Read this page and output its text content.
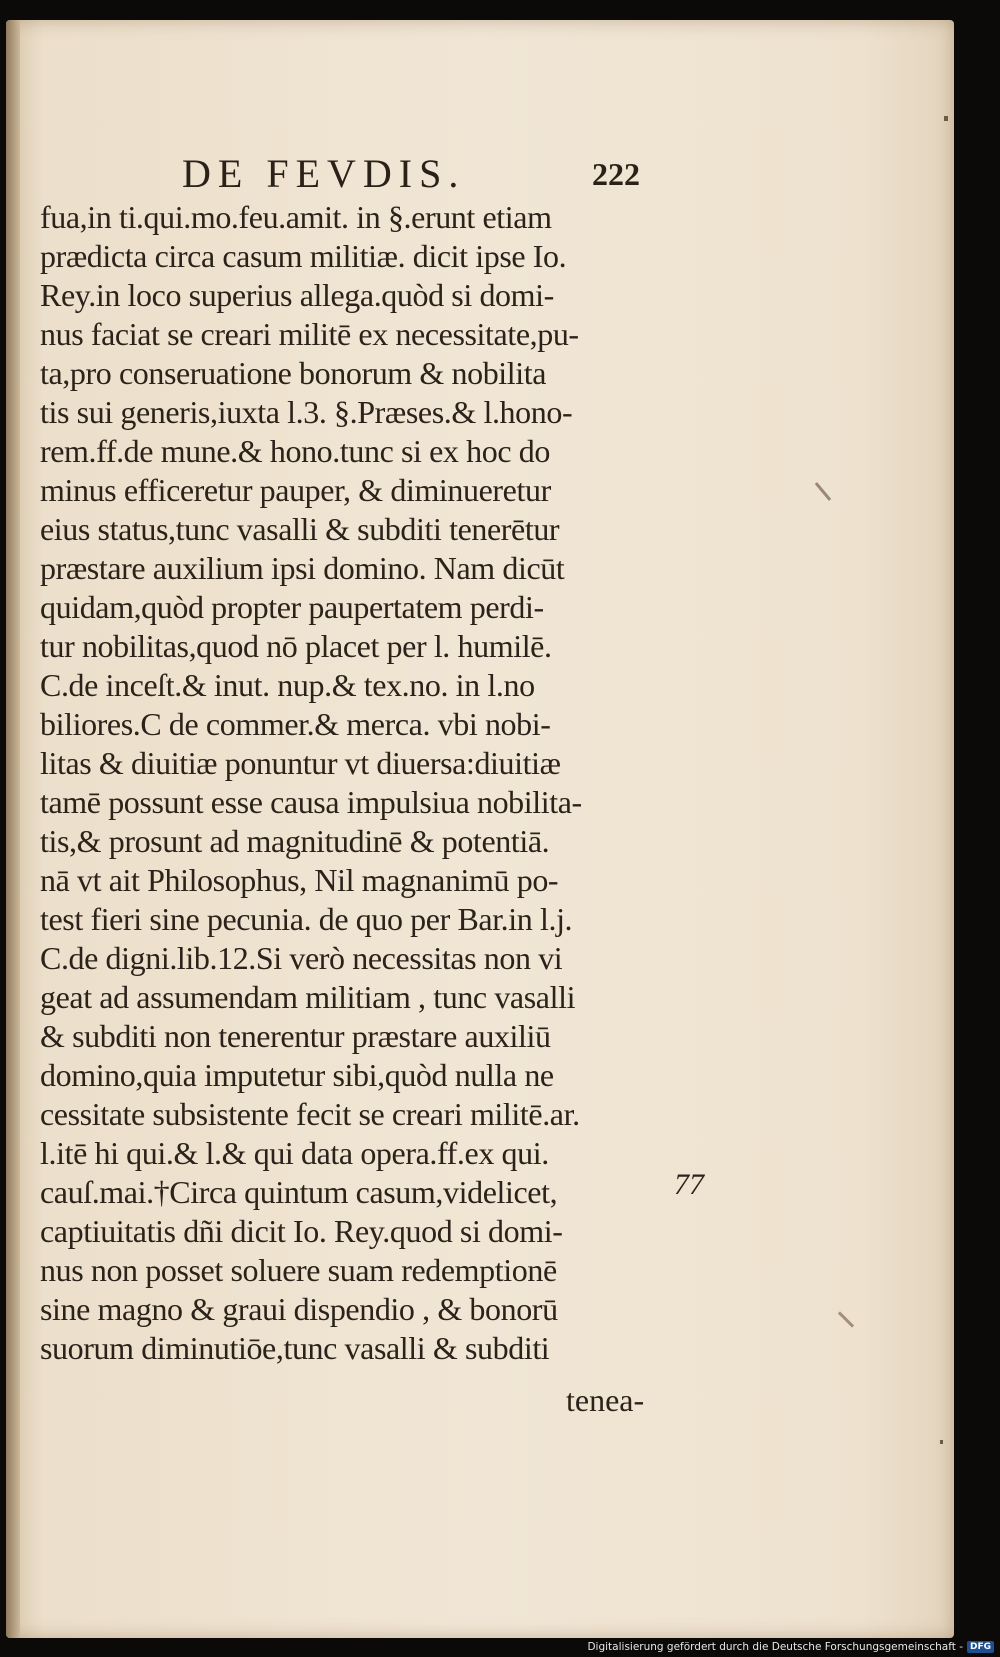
DE FEVDIS.	222
fua,in ti.qui.mo.feu.amit. in §.erunt etiam
prædicta circa casum militiæ. dicit ipse Io.
Rey.in loco superius allega.quòd si domi-
nus faciat se creari militē ex necessitate,pu-
ta,pro conseruatione bonorum & nobilita
tis sui generis,iuxta l.3. §.Præses.& l.hono-
rem.ff.de mune.& hono.tunc si ex hoc do
minus efficeretur pauper, & diminueretur
eius status,tunc vasalli & subditi tenerētur
præstare auxilium ipsi domino. Nam dicūt
quidam,quòd propter paupertatem perdi-
tur nobilitas,quod nō placet per l. humilē.
C.de inceſt.& inut. nup.& tex.no. in l.no
biliores.C de commer.& merca. vbi nobi-
litas & diuitiæ ponuntur vt diuersa:diuitiæ
tamē possunt esse causa impulsiua nobilita-
tis,& prosunt ad magnitudinē & potentiā.
nā vt ait Philosophus, Nil magnanimū po-
test fieri sine pecunia. de quo per Bar.in l.j.
C.de digni.lib.12.Si verò necessitas non vi
geat ad assumendam militiam , tunc vasalli
& subditi non tenerentur præstare auxiliū
domino,quia imputetur sibi,quòd nulla ne
cessitate subsistente fecit se creari militē.ar.
l.itē hi qui.& l.& qui data opera.ff.ex qui.
cauſ.mai.†Circa quintum casum,videlicet,
captiuitatis dñi dicit Io. Rey.quod si domi-
nus non posset soluere suam redemptionē
sine magno & graui dispendio , & bonorū
suorum diminutiōe,tunc vasalli & subditi
77
tenea-
Digitalisierung gefördert durch die Deutsche Forschungsgemeinschaft - DFG
